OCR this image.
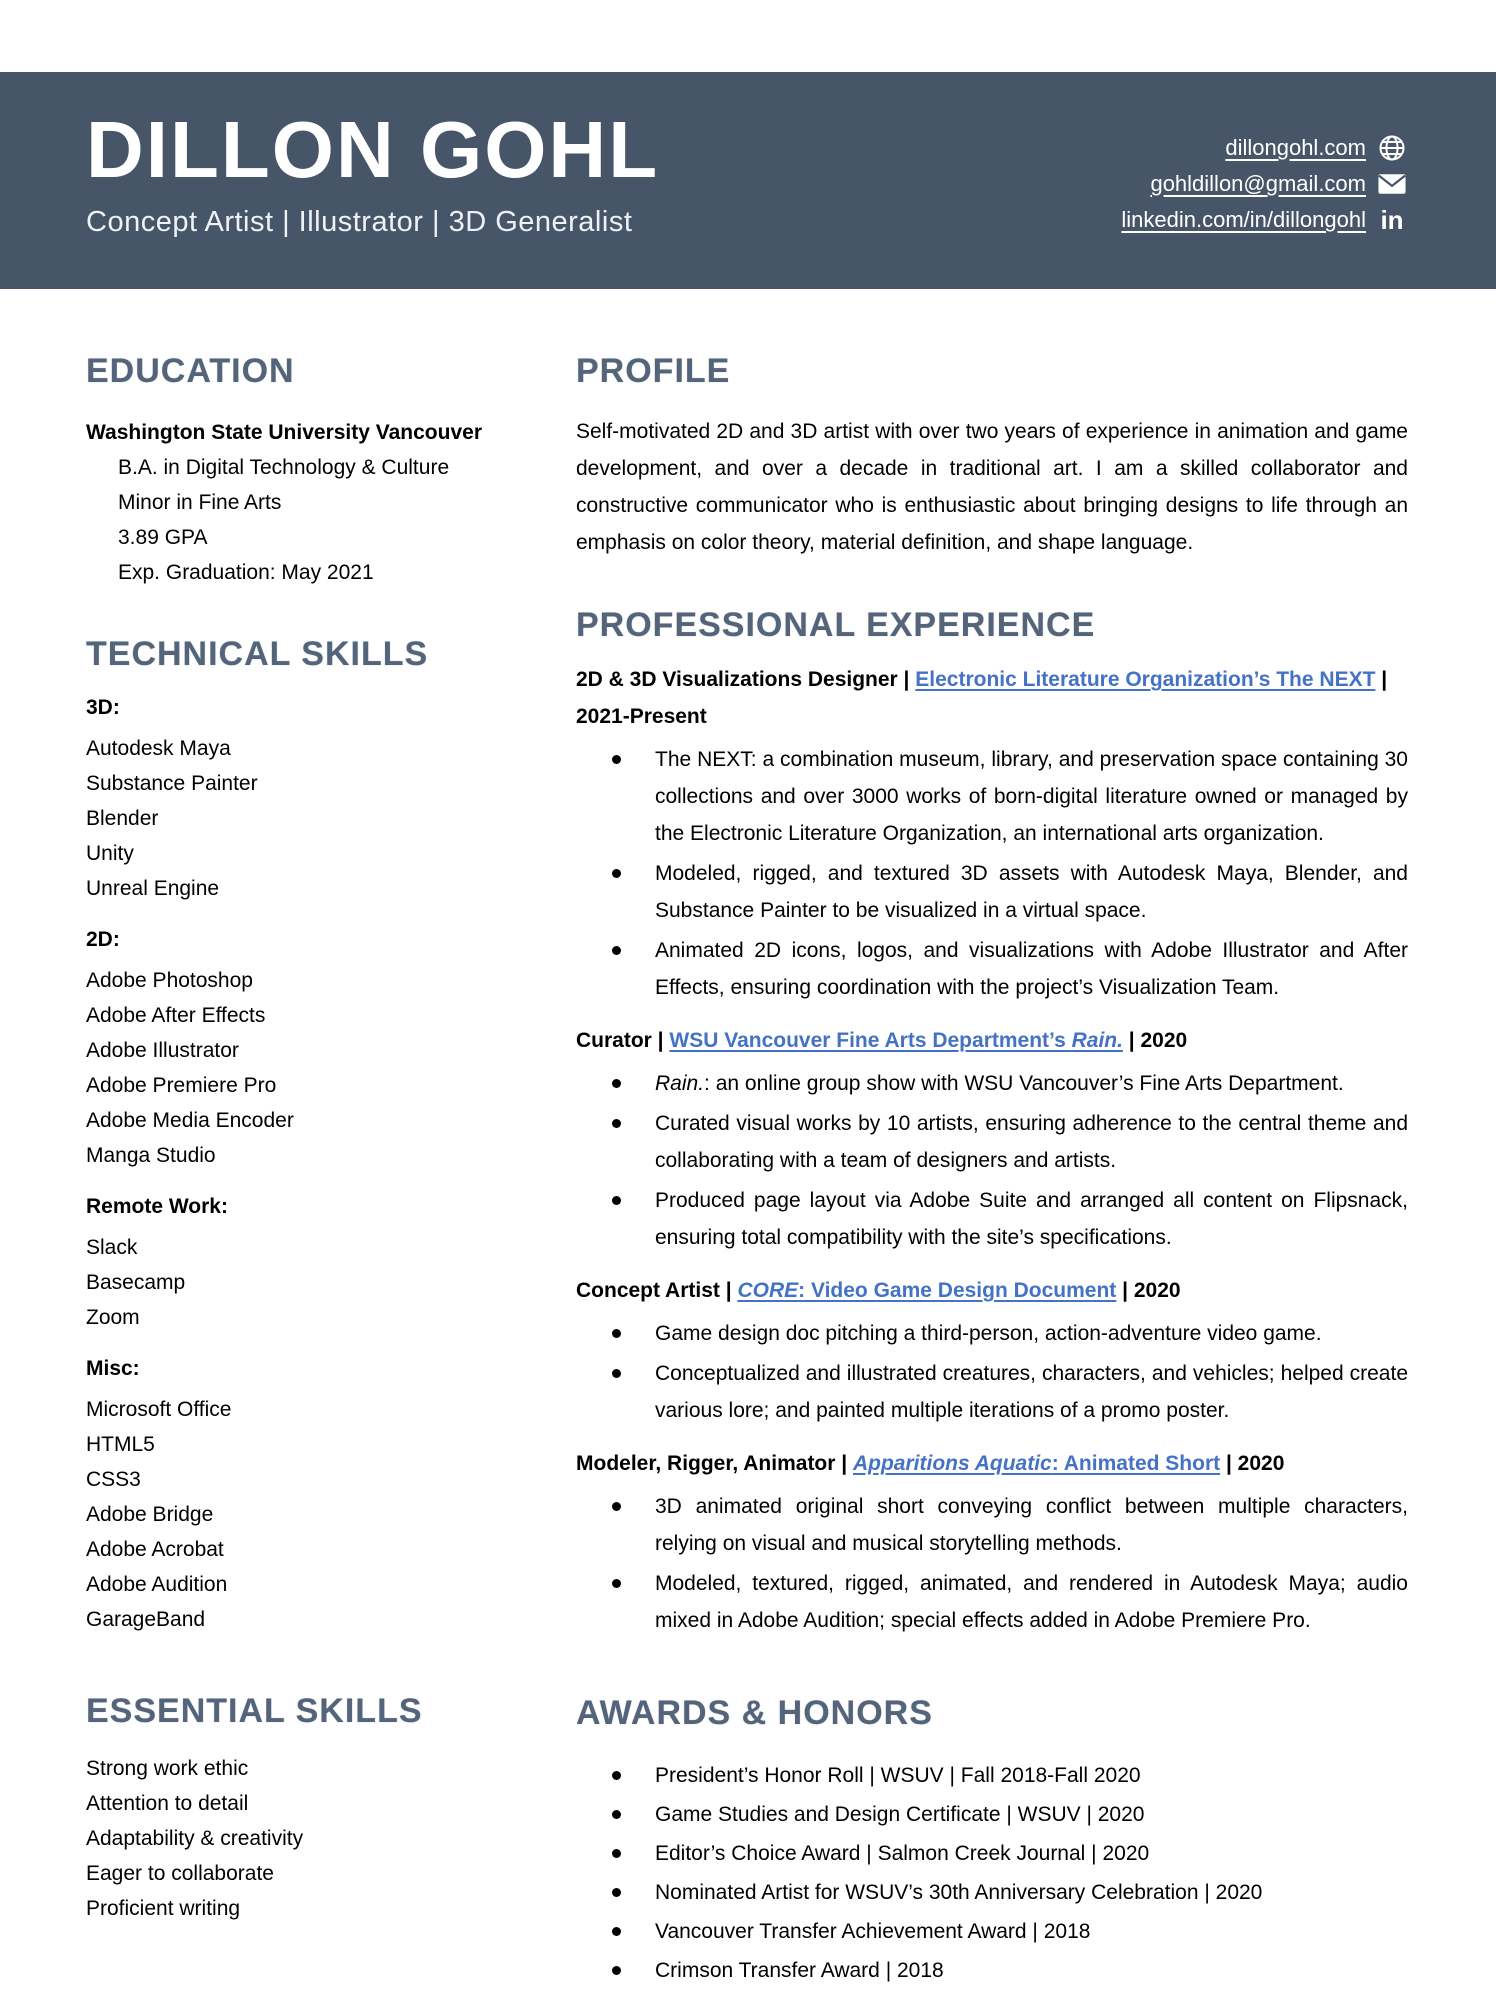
DILLON GOHL
Concept Artist | Illustrator | 3D Generalist
dillongohl.com
gohldillon@gmail.com
linkedin.com/in/dillongohl in
EDUCATION
Washington State University Vancouver
B.A. in Digital Technology & Culture
Minor in Fine Arts
3.89 GPA
Exp. Graduation: May 2021
TECHNICAL SKILLS
3D:
Autodesk Maya
Substance Painter
Blender
Unity
Unreal Engine
2D:
Adobe Photoshop
Adobe After Effects
Adobe Illustrator
Adobe Premiere Pro
Adobe Media Encoder
Manga Studio
Remote Work:
Slack
Basecamp
Zoom
Misc:
Microsoft Office
HTML5
CSS3
Adobe Bridge
Adobe Acrobat
Adobe Audition
GarageBand
ESSENTIAL SKILLS
Strong work ethic
Attention to detail
Adaptability & creativity
Eager to collaborate
Proficient writing
PROFILE

Self-motivated 2D and 3D artist with over two years of experience in animation and game development, and over a decade in traditional art. I am a skilled collaborator and constructive communicator who is enthusiastic about bringing designs to life through an emphasis on color theory, material definition, and shape language.

PROFESSIONAL EXPERIENCE
2D & 3D Visualizations Designer | Electronic Literature Organization’s The NEXT | 2021-Present
The NEXT: a combination museum, library, and preservation space containing 30 collections and over 3000 works of born-digital literature owned or managed by the Electronic Literature Organization, an international arts organization.
Modeled, rigged, and textured 3D assets with Autodesk Maya, Blender, and Substance Painter to be visualized in a virtual space.
Animated 2D icons, logos, and visualizations with Adobe Illustrator and After Effects, ensuring coordination with the project’s Visualization Team.
Curator | WSU Vancouver Fine Arts Department’s Rain. | 2020
Rain.: an online group show with WSU Vancouver’s Fine Arts Department.
Curated visual works by 10 artists, ensuring adherence to the central theme and collaborating with a team of designers and artists.
Produced page layout via Adobe Suite and arranged all content on Flipsnack, ensuring total compatibility with the site’s specifications.
Concept Artist | CORE: Video Game Design Document | 2020
Game design doc pitching a third-person, action-adventure video game.
Conceptualized and illustrated creatures, characters, and vehicles; helped create various lore; and painted multiple iterations of a promo poster.
Modeler, Rigger, Animator | Apparitions Aquatic: Animated Short | 2020
3D animated original short conveying conflict between multiple characters, relying on visual and musical storytelling methods.
Modeled, textured, rigged, animated, and rendered in Autodesk Maya; audio mixed in Adobe Audition; special effects added in Adobe Premiere Pro.
AWARDS & HONORS
President’s Honor Roll | WSUV | Fall 2018-Fall 2020
Game Studies and Design Certificate | WSUV | 2020
Editor’s Choice Award | Salmon Creek Journal | 2020
Nominated Artist for WSUV’s 30th Anniversary Celebration | 2020
Vancouver Transfer Achievement Award | 2018
Crimson Transfer Award | 2018
